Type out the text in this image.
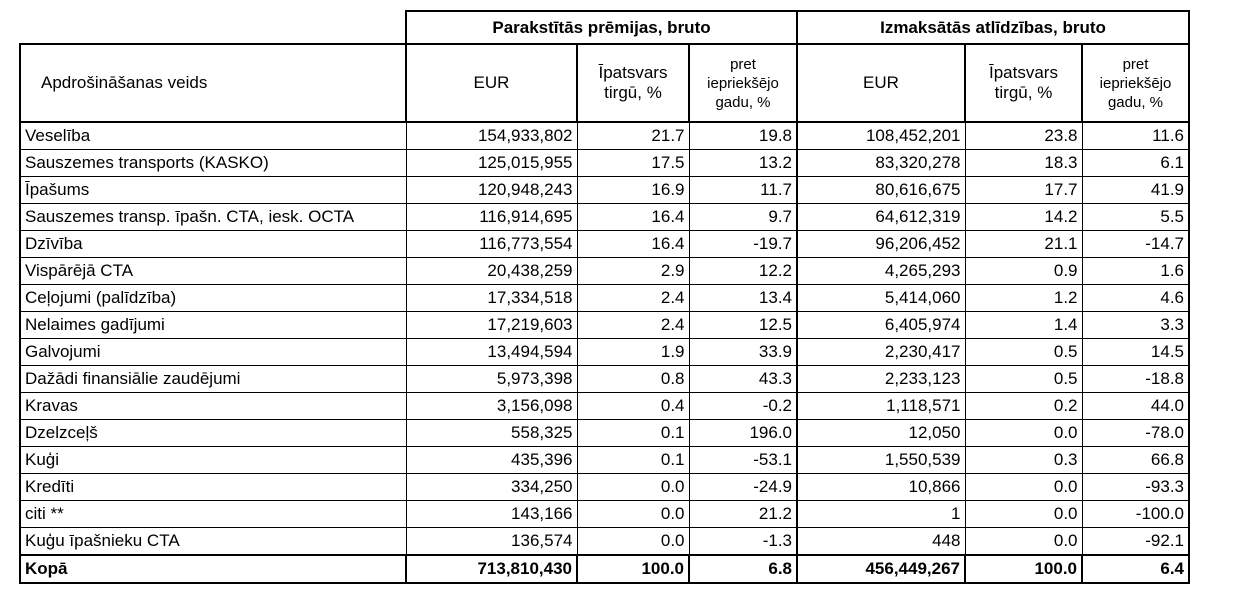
	Parakstītās prēmijas, bruto			Izmaksātās atlīdzības, bruto		
Apdrošināšanas veids	EUR	Īpatsvars tirgū, %	pret iepriekšējo gadu, %	EUR	Īpatsvars tirgū, %	pret iepriekšējo gadu, %
Veselība	154,933,802	21.7	19.8	108,452,201	23.8	11.6
Sauszemes transports (KASKO)	125,015,955	17.5	13.2	83,320,278	18.3	6.1
Īpašums	120,948,243	16.9	11.7	80,616,675	17.7	41.9
Sauszemes transp. īpašn. CTA, iesk. OCTA	116,914,695	16.4	9.7	64,612,319	14.2	5.5
Dzīvība	116,773,554	16.4	-19.7	96,206,452	21.1	-14.7
Vispārējā CTA	20,438,259	2.9	12.2	4,265,293	0.9	1.6
Ceļojumi (palīdzība)	17,334,518	2.4	13.4	5,414,060	1.2	4.6
Nelaimes gadījumi	17,219,603	2.4	12.5	6,405,974	1.4	3.3
Galvojumi	13,494,594	1.9	33.9	2,230,417	0.5	14.5
Dažādi finansiālie zaudējumi	5,973,398	0.8	43.3	2,233,123	0.5	-18.8
Kravas	3,156,098	0.4	-0.2	1,118,571	0.2	44.0
Dzelzceļš	558,325	0.1	196.0	12,050	0.0	-78.0
Kuģi	435,396	0.1	-53.1	1,550,539	0.3	66.8
Kredīti	334,250	0.0	-24.9	10,866	0.0	-93.3
citi **	143,166	0.0	21.2	1	0.0	-100.0
Kuģu īpašnieku CTA	136,574	0.0	-1.3	448	0.0	-92.1
Kopā	713,810,430	100.0	6.8	456,449,267	100.0	6.4
